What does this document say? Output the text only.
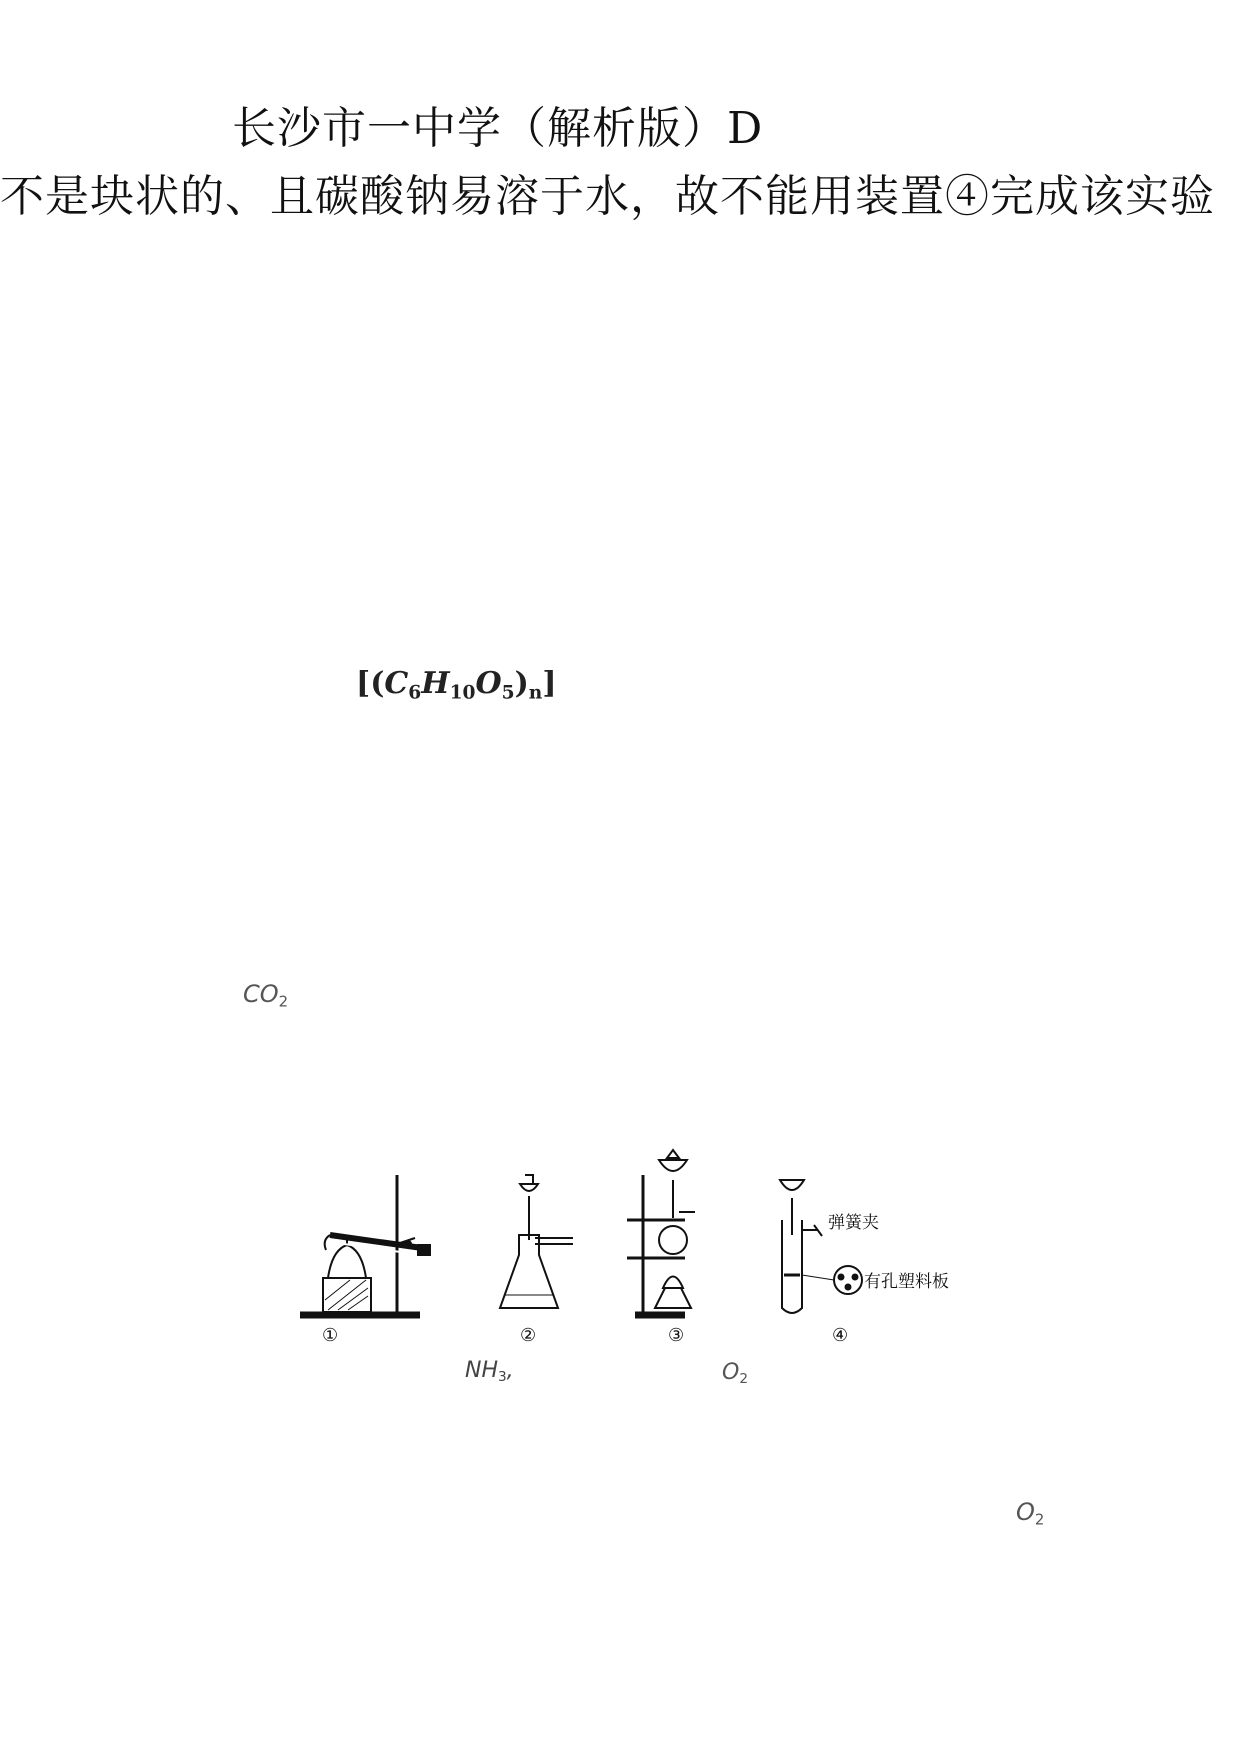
长沙市一中学（解析版）D
不是块状的、且碳酸钠易溶于水，故不能用装置④完成该实验
$[(C_6H_{10}O_5)_n]$
$CO_2$
①	②	③	④
弹簧夹
有孔塑料板
$NH_3$,	$O_2$
$O_2$
